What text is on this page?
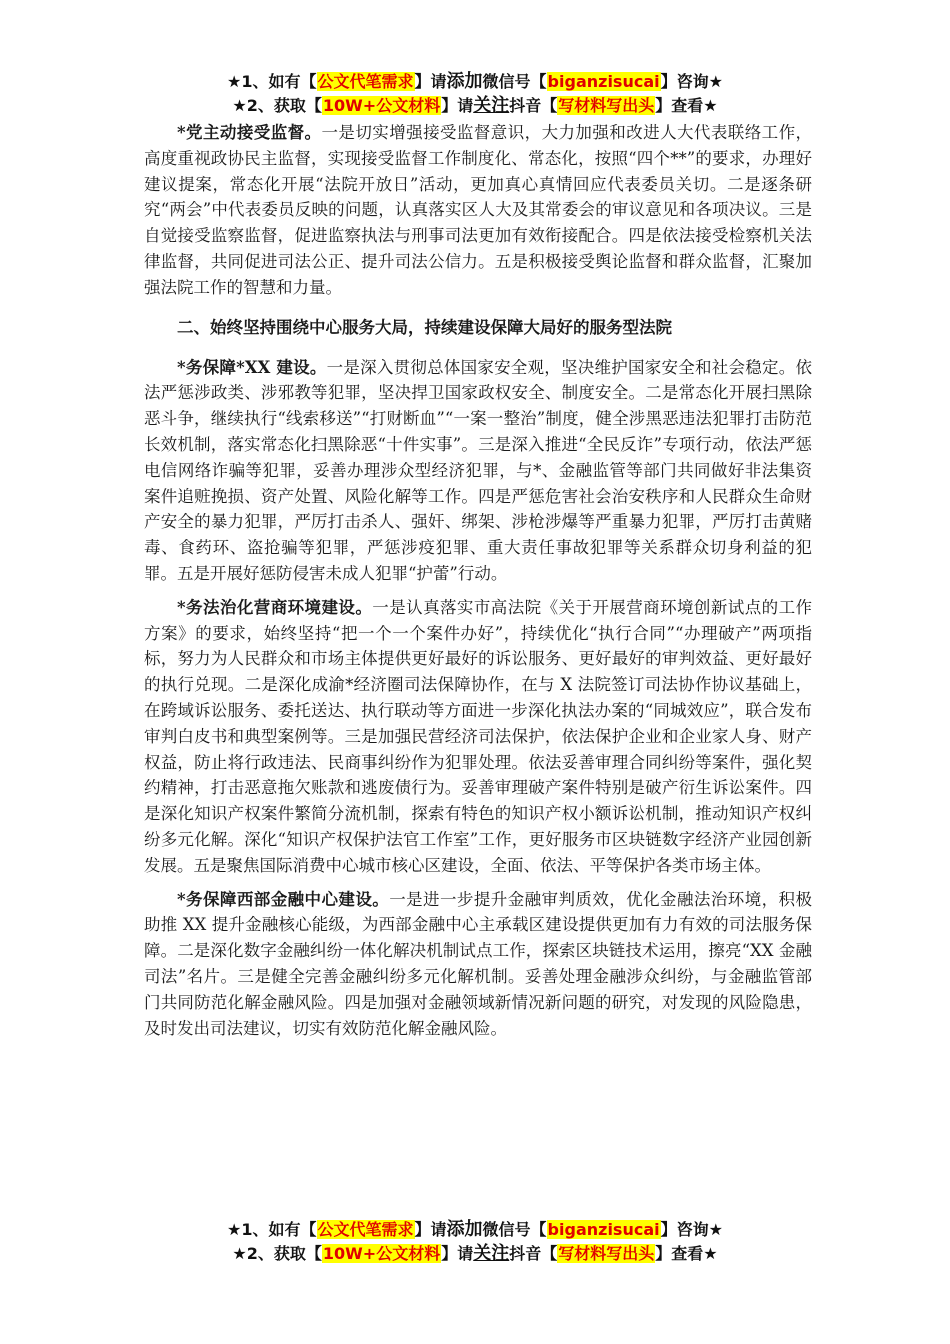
★1、如有【公文代笔需求】请添加微信号【biganzisucai】咨询★
★2、获取【10W+公文材料】请关注抖音【写材料写出头】查看★

*党主动接受监督。一是切实增强接受监督意识，大力加强和改进人大代表联络工作，高度重视政协民主监督，实现接受监督工作制度化、常态化，按照“四个**”的要求，办理好建议提案，常态化开展“法院开放日”活动，更加真心真情回应代表委员关切。二是逐条研究“两会”中代表委员反映的问题，认真落实区人大及其常委会的审议意见和各项决议。三是自觉接受监察监督，促进监察执法与刑事司法更加有效衔接配合。四是依法接受检察机关法律监督，共同促进司法公正、提升司法公信力。五是积极接受舆论监督和群众监督，汇聚加强法院工作的智慧和力量。

二、始终坚持围绕中心服务大局，持续建设保障大局好的服务型法院

*务保障*XX 建设。一是深入贯彻总体国家安全观，坚决维护国家安全和社会稳定。依法严惩涉政类、涉邪教等犯罪，坚决捍卫国家政权安全、制度安全。二是常态化开展扫黑除恶斗争，继续执行“线索移送”“打财断血”“一案一整治”制度，健全涉黑恶违法犯罪打击防范长效机制，落实常态化扫黑除恶“十件实事”。三是深入推进“全民反诈”专项行动，依法严惩电信网络诈骗等犯罪，妥善办理涉众型经济犯罪，与*、金融监管等部门共同做好非法集资案件追赃挽损、资产处置、风险化解等工作。四是严惩危害社会治安秩序和人民群众生命财产安全的暴力犯罪，严厉打击杀人、强奸、绑架、涉枪涉爆等严重暴力犯罪，严厉打击黄赌毒、食药环、盗抢骗等犯罪，严惩涉疫犯罪、重大责任事故犯罪等关系群众切身利益的犯罪。五是开展好惩防侵害未成人犯罪“护蕾”行动。

*务法治化营商环境建设。一是认真落实市高法院《关于开展营商环境创新试点的工作方案》的要求，始终坚持“把一个一个案件办好”，持续优化“执行合同”“办理破产”两项指标，努力为人民群众和市场主体提供更好最好的诉讼服务、更好最好的审判效益、更好最好的执行兑现。二是深化成渝*经济圈司法保障协作，在与 X 法院签订司法协作协议基础上，在跨域诉讼服务、委托送达、执行联动等方面进一步深化执法办案的“同城效应”，联合发布审判白皮书和典型案例等。三是加强民营经济司法保护，依法保护企业和企业家人身、财产权益，防止将行政违法、民商事纠纷作为犯罪处理。依法妥善审理合同纠纷等案件，强化契约精神，打击恶意拖欠账款和逃废债行为。妥善审理破产案件特别是破产衍生诉讼案件。四是深化知识产权案件繁简分流机制，探索有特色的知识产权小额诉讼机制，推动知识产权纠纷多元化解。深化“知识产权保护法官工作室”工作，更好服务市区块链数字经济产业园创新发展。五是聚焦国际消费中心城市核心区建设，全面、依法、平等保护各类市场主体。

*务保障西部金融中心建设。一是进一步提升金融审判质效，优化金融法治环境，积极助推 XX 提升金融核心能级，为西部金融中心主承载区建设提供更加有力有效的司法服务保障。二是深化数字金融纠纷一体化解决机制试点工作，探索区块链技术运用，擦亮“XX 金融司法”名片。三是健全完善金融纠纷多元化解机制。妥善处理金融涉众纠纷，与金融监管部门共同防范化解金融风险。四是加强对金融领域新情况新问题的研究，对发现的风险隐患，及时发出司法建议，切实有效防范化解金融风险。

★1、如有【公文代笔需求】请添加微信号【biganzisucai】咨询★
★2、获取【10W+公文材料】请关注抖音【写材料写出头】查看★
